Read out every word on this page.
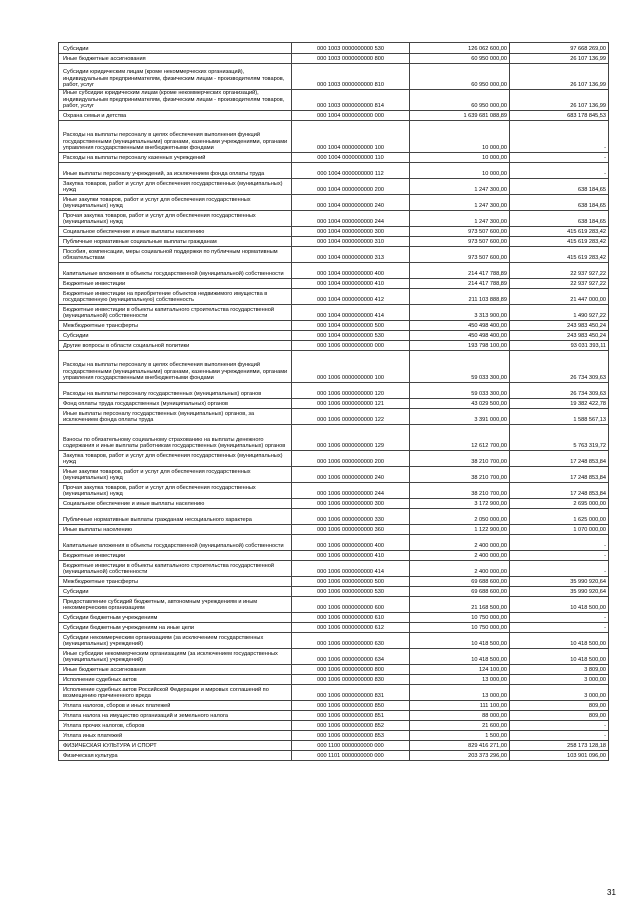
Субсидии	000 1003 0000000000 530	126 062 600,00	97 668 269,00
Иные бюджетные ассигнования	000 1003 0000000000 800	60 950 000,00	26 107 136,99
Субсидии юридическим лицам (кроме некоммерческих организаций), индивидуальным предпринимателям, физическим лицам - производителям товаров, работ, услуг	000 1003 0000000000 810	60 950 000,00	26 107 136,99
Иные субсидии юридическим лицам (кроме некоммерческих организаций), индивидуальным предпринимателям, физическим лицам - производителям товаров, работ, услуг	000 1003 0000000000 814	60 950 000,00	26 107 136,99
Охрана семьи и детства	000 1004 0000000000 000	1 639 681 088,89	683 178 845,53
Расходы на выплаты персоналу в целях обеспечения выполнения функций государственными (муниципальными) органами, казенными учреждениями, органами управления государственными внебюджетными фондами	000 1004 0000000000 100	10 000,00	-
Расходы на выплаты персоналу казенных учреждений	000 1004 0000000000 110	10 000,00	-
Иные выплаты персоналу учреждений, за исключением фонда оплаты труда	000 1004 0000000000 112	10 000,00	-
Закупка товаров, работ и услуг для обеспечения государственных (муниципальных) нужд	000 1004 0000000000 200	1 247 300,00	638 184,65
Иные закупки товаров, работ и услуг для обеспечения государственных (муниципальных) нужд	000 1004 0000000000 240	1 247 300,00	638 184,65
Прочая закупка товаров, работ и услуг для обеспечения государственных (муниципальных) нужд	000 1004 0000000000 244	1 247 300,00	638 184,65
Социальное обеспечение и иные выплаты населению	000 1004 0000000000 300	973 507 600,00	415 619 283,42
Публичные нормативные социальные выплаты гражданам	000 1004 0000000000 310	973 507 600,00	415 619 283,42
Пособия, компенсации, меры социальной поддержки по публичным нормативным обязательствам	000 1004 0000000000 313	973 507 600,00	415 619 283,42
Капитальные вложения в объекты государственной (муниципальной) собственности	000 1004 0000000000 400	214 417 788,89	22 937 927,22
Бюджетные инвестиции	000 1004 0000000000 410	214 417 788,89	22 937 927,22
Бюджетные инвестиции на приобретение объектов недвижимого имущества в государственную (муниципальную) собственность	000 1004 0000000000 412	211 103 888,89	21 447 000,00
Бюджетные инвестиции в объекты капитального строительства государственной (муниципальной) собственности	000 1004 0000000000 414	3 313 900,00	1 490 927,22
Межбюджетные трансферты	000 1004 0000000000 500	450 498 400,00	243 983 450,24
Субсидии	000 1004 0000000000 530	450 498 400,00	243 983 450,24
Другие вопросы в области социальной политики	000 1006 0000000000 000	193 798 100,00	93 031 393,11
Расходы на выплаты персоналу в целях обеспечения выполнения функций государственными (муниципальными) органами, казенными учреждениями, органами управления государственными внебюджетными фондами	000 1006 0000000000 100	59 033 300,00	26 734 309,63
Расходы на выплаты персоналу государственных (муниципальных) органов	000 1006 0000000000 120	59 033 300,00	26 734 309,63
Фонд оплаты труда государственных (муниципальных) органов	000 1006 0000000000 121	43 029 500,00	19 382 422,78
Иные выплаты персоналу государственных (муниципальных) органов, за исключением фонда оплаты труда	000 1006 0000000000 122	3 391 000,00	1 588 567,13
Взносы по обязательному социальному страхованию на выплаты денежного содержания и иные выплаты работникам государственных (муниципальных) органов	000 1006 0000000000 129	12 612 700,00	5 763 319,72
Закупка товаров, работ и услуг для обеспечения государственных (муниципальных) нужд	000 1006 0000000000 200	38 210 700,00	17 248 853,84
Иные закупки товаров, работ и услуг для обеспечения государственных (муниципальных) нужд	000 1006 0000000000 240	38 210 700,00	17 248 853,84
Прочая закупка товаров, работ и услуг для обеспечения государственных (муниципальных) нужд	000 1006 0000000000 244	38 210 700,00	17 248 853,84
Социальное обеспечение и иные выплаты населению	000 1006 0000000000 300	3 172 900,00	2 695 000,00
Публичные нормативные выплаты гражданам несоциального характера	000 1006 0000000000 330	2 050 000,00	1 625 000,00
Иные выплаты населению	000 1006 0000000000 360	1 122 900,00	1 070 000,00
Капитальные вложения в объекты государственной (муниципальной) собственности	000 1006 0000000000 400	2 400 000,00	-
Бюджетные инвестиции	000 1006 0000000000 410	2 400 000,00	-
Бюджетные инвестиции в объекты капитального строительства государственной (муниципальной) собственности	000 1006 0000000000 414	2 400 000,00	-
Межбюджетные трансферты	000 1006 0000000000 500	69 688 600,00	35 990 920,64
Субсидии	000 1006 0000000000 530	69 688 600,00	35 990 920,64
Предоставление субсидий бюджетным, автономным учреждениям и иным некоммерческим организациям	000 1006 0000000000 600	21 168 500,00	10 418 500,00
Субсидии бюджетным учреждениям	000 1006 0000000000 610	10 750 000,00	-
Субсидии бюджетным учреждениям на иные цели	000 1006 0000000000 612	10 750 000,00	-
Субсидии некоммерческим организациям (за исключением государственных (муниципальных) учреждений)	000 1006 0000000000 630	10 418 500,00	10 418 500,00
Иные субсидии некоммерческим организациям (за исключением государственных (муниципальных) учреждений)	000 1006 0000000000 634	10 418 500,00	10 418 500,00
Иные бюджетные ассигнования	000 1006 0000000000 800	124 100,00	3 809,00
Исполнение судебных актов	000 1006 0000000000 830	13 000,00	3 000,00
Исполнение судебных актов Российской Федерации и мировых соглашений по возмещению причиненного вреда	000 1006 0000000000 831	13 000,00	3 000,00
Уплата налогов, сборов и иных платежей	000 1006 0000000000 850	111 100,00	809,00
Уплата налога на имущество организаций и земельного налога	000 1006 0000000000 851	88 000,00	809,00
Уплата прочих налогов, сборов	000 1006 0000000000 852	21 600,00	-
Уплата иных платежей	000 1006 0000000000 853	1 500,00	-
ФИЗИЧЕСКАЯ КУЛЬТУРА И СПОРТ	000 1100 0000000000 000	829 416 271,00	258 173 128,18
Физическая культура	000 1101 0000000000 000	203 373 296,00	103 901 096,00
31
